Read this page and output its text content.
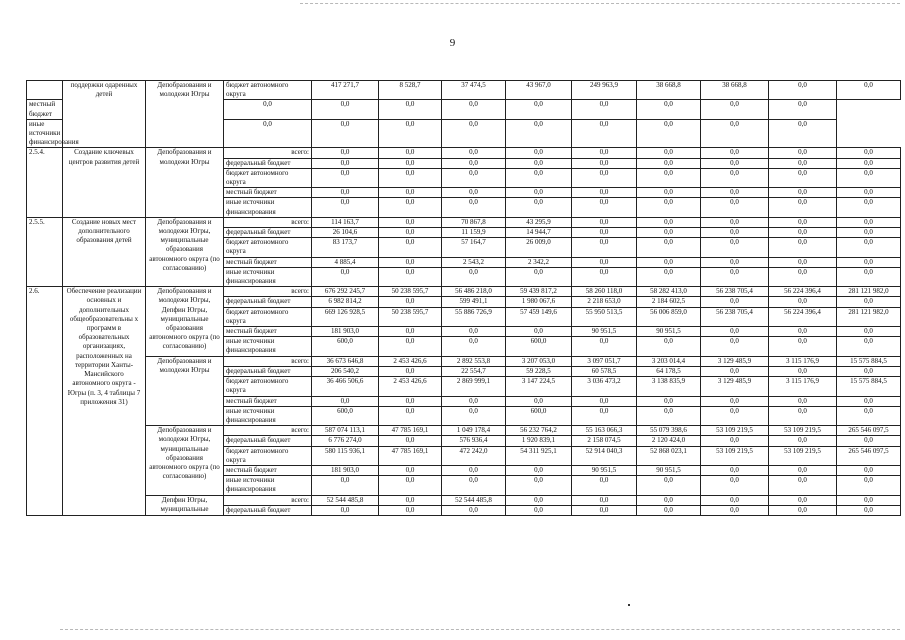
9
	поддержки одаренных детей	Депобразования и молодежи Югры	бюджет автономного округа	417 271,7	8 528,7	37 474,5	43 967,0	249 963,9	38 668,8	38 668,8	0,0	0,0
местный бюджет			0,0	0,0	0,0	0,0	0,0	0,0	0,0	0,0	0,0	
иные источники финансирования			0,0	0,0	0,0	0,0	0,0	0,0	0,0	0,0	0,0	
2.5.4.	Создание ключевых центров развития детей	Депобразования и молодежи Югры	всего:	0,0	0,0	0,0	0,0	0,0	0,0	0,0	0,0	0,0
			федеральный бюджет	0,0	0,0	0,0	0,0	0,0	0,0	0,0	0,0	0,0
			бюджет автономного округа	0,0	0,0	0,0	0,0	0,0	0,0	0,0	0,0	0,0
			местный бюджет	0,0	0,0	0,0	0,0	0,0	0,0	0,0	0,0	0,0
			иные источники финансирования	0,0	0,0	0,0	0,0	0,0	0,0	0,0	0,0	0,0
2.5.5.	Создание новых мест дополнительного образования детей	Депобразования и молодежи Югры, муниципальные образования автономного округа (по согласованию)	всего:	114 163,7	0,0	70 867,8	43 295,9	0,0	0,0	0,0	0,0	0,0
			федеральный бюджет	26 104,6	0,0	11 159,9	14 944,7	0,0	0,0	0,0	0,0	0,0
			бюджет автономного округа	83 173,7	0,0	57 164,7	26 009,0	0,0	0,0	0,0	0,0	0,0
			местный бюджет	4 885,4	0,0	2 543,2	2 342,2	0,0	0,0	0,0	0,0	0,0
			иные источники финансирования	0,0	0,0	0,0	0,0	0,0	0,0	0,0	0,0	0,0
2.6.	Обеспечение реализации основных и дополнительных общеобразовательны х программ в образовательных организациях, расположенных на территории Ханты-Мансийского автономного округа - Югры (п. 3, 4 таблицы 7 приложения 31)	Депобразования и молодежи Югры, Депфин Югры, муниципальные образования автономного округа (по согласованию)	всего:	676 292 245,7	50 238 595,7	56 486 218,0	59 439 817,2	58 260 118,0	58 282 413,0	56 238 705,4	56 224 396,4	281 121 982,0
			федеральный бюджет	6 982 814,2	0,0	599 491,1	1 980 067,6	2 218 653,0	2 184 602,5	0,0	0,0	0,0
			бюджет автономного округа	669 126 928,5	50 238 595,7	55 886 726,9	57 459 149,6	55 950 513,5	56 006 859,0	56 238 705,4	56 224 396,4	281 121 982,0
			местный бюджет	181 903,0	0,0	0,0	0,0	90 951,5	90 951,5	0,0	0,0	0,0
			иные источники финансирования	600,0	0,0	0,0	600,0	0,0	0,0	0,0	0,0	0,0
		Депобразования и молодежи Югры	всего:	36 673 646,8	2 453 426,6	2 892 553,8	3 207 053,0	3 097 051,7	3 203 014,4	3 129 485,9	3 115 176,9	15 575 884,5
			федеральный бюджет	206 540,2	0,0	22 554,7	59 228,5	60 578,5	64 178,5	0,0	0,0	0,0
			бюджет автономного округа	36 466 506,6	2 453 426,6	2 869 999,1	3 147 224,5	3 036 473,2	3 138 835,9	3 129 485,9	3 115 176,9	15 575 884,5
			местный бюджет	0,0	0,0	0,0	0,0	0,0	0,0	0,0	0,0	0,0
			иные источники финансирования	600,0	0,0	0,0	600,0	0,0	0,0	0,0	0,0	0,0
		Депобразования и молодежи Югры, муниципальные образования автономного округа (по согласованию)	всего:	587 074 113,1	47 785 169,1	1 049 178,4	56 232 764,2	55 163 066,3	55 079 398,6	53 109 219,5	53 109 219,5	265 546 097,5
			федеральный бюджет	6 776 274,0	0,0	576 936,4	1 920 839,1	2 158 074,5	2 120 424,0	0,0	0,0	0,0
			бюджет автономного округа	580 115 936,1	47 785 169,1	472 242,0	54 311 925,1	52 914 040,3	52 868 023,1	53 109 219,5	53 109 219,5	265 546 097,5
			местный бюджет	181 903,0	0,0	0,0	0,0	90 951,5	90 951,5	0,0	0,0	0,0
			иные источники финансирования	0,0	0,0	0,0	0,0	0,0	0,0	0,0	0,0	0,0
		Депфин Югры, муниципальные	всего:	52 544 485,8	0,0	52 544 485,8	0,0	0,0	0,0	0,0	0,0	0,0
			федеральный бюджет	0,0	0,0	0,0	0,0	0,0	0,0	0,0	0,0	0,0
